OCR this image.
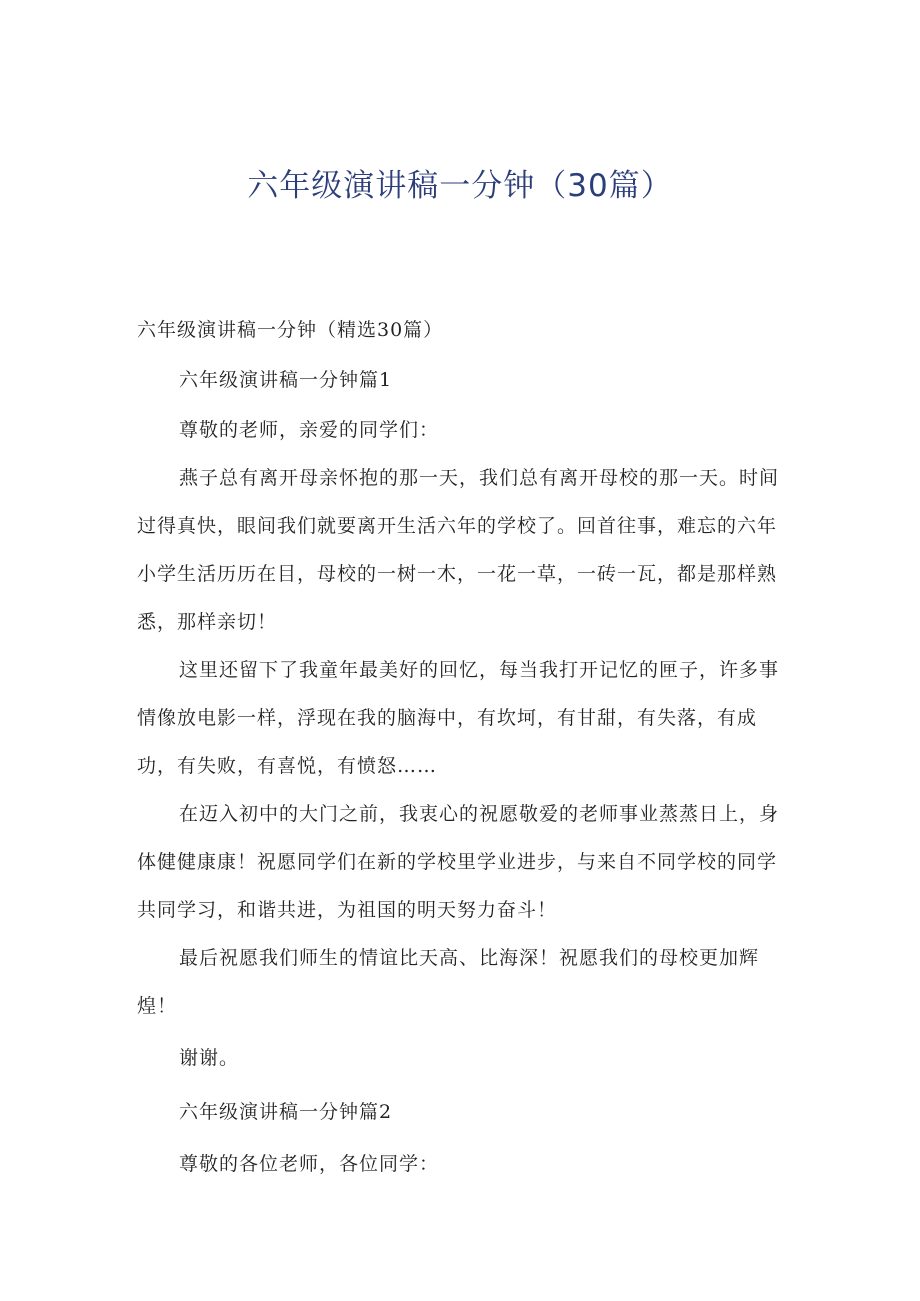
六年级演讲稿一分钟（30篇）

六年级演讲稿一分钟（精选30篇）

六年级演讲稿一分钟篇1

尊敬的老师，亲爱的同学们：

燕子总有离开母亲怀抱的那一天，我们总有离开母校的那一天。时间

过得真快，眼间我们就要离开生活六年的学校了。回首往事，难忘的六年

小学生活历历在目，母校的一树一木，一花一草，一砖一瓦，都是那样熟

悉，那样亲切！

这里还留下了我童年最美好的回忆，每当我打开记忆的匣子，许多事

情像放电影一样，浮现在我的脑海中，有坎坷，有甘甜，有失落，有成

功，有失败，有喜悦，有愤怒……

在迈入初中的大门之前，我衷心的祝愿敬爱的老师事业蒸蒸日上，身

体健健康康！祝愿同学们在新的学校里学业进步，与来自不同学校的同学

共同学习，和谐共进，为祖国的明天努力奋斗！

最后祝愿我们师生的情谊比天高、比海深！祝愿我们的母校更加辉

煌！

谢谢。

六年级演讲稿一分钟篇2

尊敬的各位老师，各位同学：
